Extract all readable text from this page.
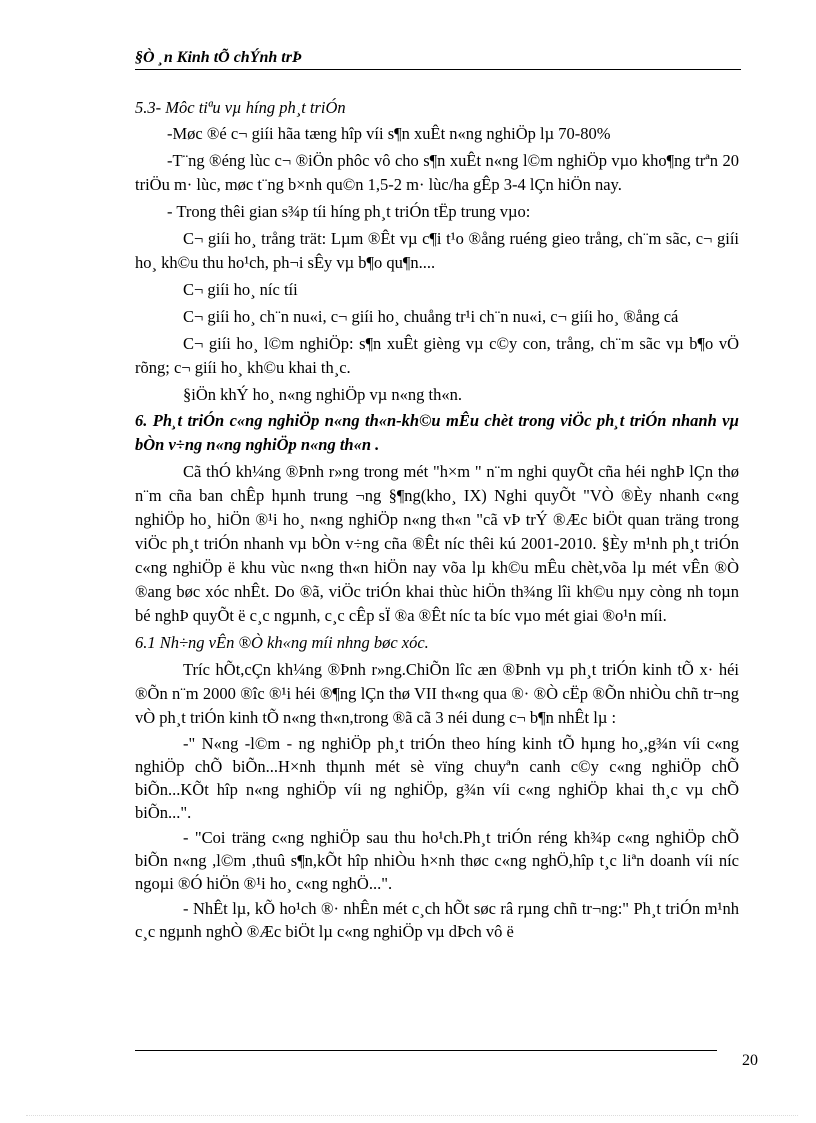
§Ò ¸n Kinh tÕ chÝnh trÞ

5.3- Môc tiªu vµ híng ph¸t triÓn

-Møc ®é c¬ giíi hãa tæng hîp víi s¶n xuÊt n«ng nghiÖp lµ 70-80%

-T¨ng ®éng lùc c¬ ®iÖn phôc vô cho s¶n xuÊt n«ng l©m nghiÖp vµo kho¶ng trªn 20 triÖu m· lùc, møc t¨ng b×nh qu©n 1,5-2 m· lùc/ha gÊp 3-4 lÇn hiÖn nay.

- Trong thêi gian s¾p tíi híng ph¸t triÓn tËp trung vµo:

C¬ giíi ho¸ trång trät: Lµm ®Êt vµ c¶i t¹o ®ång ruéng gieo trång, ch¨m sãc, c¬ giíi ho¸ kh©u thu ho¹ch, ph¬i sÊy vµ b¶o qu¶n....

C¬ giíi ho¸ níc tíi

C¬ giíi ho¸ ch¨n nu«i, c¬ giíi ho¸ chuång tr¹i ch¨n nu«i, c¬ giíi ho¸ ®ång cá

C¬ giíi ho¸ l©m nghiÖp: s¶n xuÊt gièng vµ c©y con, trång, ch¨m sãc vµ b¶o vÖ rõng; c¬ giíi ho¸ kh©u khai th¸c.

§iÖn khÝ ho¸ n«ng nghiÖp vµ n«ng th«n.

6. Ph¸t triÓn c«ng nghiÖp n«ng th«n-kh©u mÊu chèt trong viÖc ph¸t triÓn nhanh vµ bÒn v÷ng n«ng nghiÖp n«ng th«n .

Cã thÓ kh¼ng ®Þnh r»ng trong mét "h×m " n¨m nghi quyÕt cña héi nghÞ lÇn thø n¨m cña ban chÊp hµnh trung ¬ng §¶ng(kho¸ IX) Nghi quyÕt "VÒ ®Èy nhanh c«ng nghiÖp ho¸ hiÖn ®¹i ho¸ n«ng nghiÖp n«ng th«n "cã vÞ trÝ ®Æc biÖt quan träng trong viÖc ph¸t triÓn nhanh vµ bÒn v÷ng cña ®Êt níc thêi kú 2001-2010. §Èy m¹nh ph¸t triÓn c«ng nghiÖp ë khu vùc n«ng th«n hiÖn nay võa lµ kh©u mÊu chèt,võa lµ mét vÊn ®Ò ®ang bøc xóc nhÊt. Do ®ã, viÖc triÓn khai thùc hiÖn th¾ng lîi kh©u nµy còng nh toµn bé nghÞ quyÕt ë c¸c ngµnh, c¸c cÊp sÏ ®a ®Êt níc ta bíc vµo mét giai ®o¹n míi.

6.1 Nh÷ng vÊn ®Ò kh«ng míi nhng bøc xóc.

Tríc hÕt,cÇn kh¼ng ®Þnh r»ng.ChiÕn lîc æn ®Þnh vµ ph¸t triÓn kinh tÕ x· héi ®Õn n¨m 2000 ®îc ®¹i héi ®¶ng lÇn thø VII th«ng qua ®· ®Ò cËp ®Õn nhiÒu chñ tr¬ng vÒ ph¸t triÓn kinh tÕ n«ng th«n,trong ®ã cã 3 néi dung c¬ b¶n nhÊt lµ :

-" N«ng -l©m - ng nghiÖp ph¸t triÓn theo híng kinh tÕ hµng ho¸,g¾n víi c«ng nghiÖp chÕ biÕn...H×nh thµnh mét sè vïng chuyªn canh c©y c«ng nghiÖp chÕ biÕn...KÕt hîp n«ng nghiÖp víi ng nghiÖp, g¾n víi c«ng nghiÖp khai th¸c vµ chÕ biÕn...".

- "Coi träng c«ng nghiÖp sau thu ho¹ch.Ph¸t triÓn réng kh¾p c«ng nghiÖp chÕ biÕn n«ng ,l©m ,thuû s¶n,kÕt hîp nhiÒu h×nh thøc c«ng nghÖ,hîp t¸c liªn doanh víi níc ngoµi ®Ó hiÖn ®¹i ho¸ c«ng nghÖ...".

- NhÊt lµ, kÕ ho¹ch ®· nhÊn mét c¸ch hÕt søc râ rµng chñ tr¬ng:" Ph¸t triÓn m¹nh c¸c ngµnh nghÒ ®Æc biÖt lµ c«ng nghiÖp vµ dÞch vô ë

20
